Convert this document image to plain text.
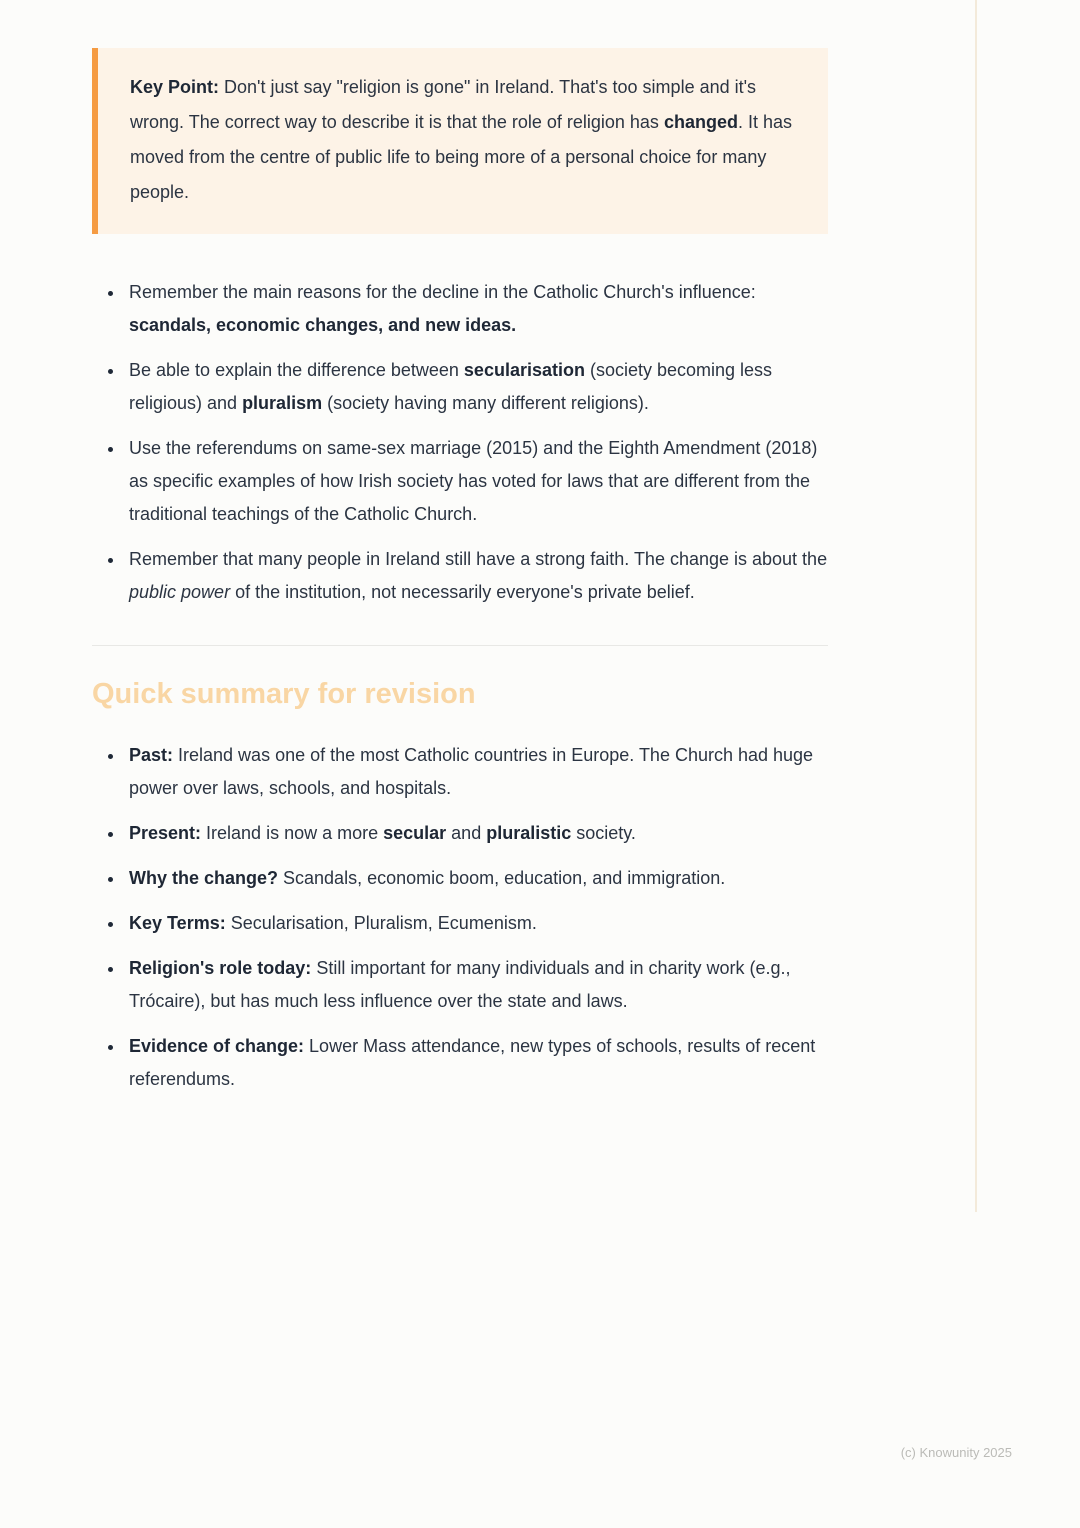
Key Point: Don't just say "religion is gone" in Ireland. That's too simple and it's wrong. The correct way to describe it is that the role of religion has changed. It has moved from the centre of public life to being more of a personal choice for many people.

• Remember the main reasons for the decline in the Catholic Church's influence: scandals, economic changes, and new ideas.
• Be able to explain the difference between secularisation (society becoming less religious) and pluralism (society having many different religions).
• Use the referendums on same-sex marriage (2015) and the Eighth Amendment (2018) as specific examples of how Irish society has voted for laws that are different from the traditional teachings of the Catholic Church.
• Remember that many people in Ireland still have a strong faith. The change is about the public power of the institution, not necessarily everyone's private belief.
Quick summary for revision
• Past: Ireland was one of the most Catholic countries in Europe. The Church had huge power over laws, schools, and hospitals.
• Present: Ireland is now a more secular and pluralistic society.
• Why the change? Scandals, economic boom, education, and immigration.
• Key Terms: Secularisation, Pluralism, Ecumenism.
• Religion's role today: Still important for many individuals and in charity work (e.g., Trócaire), but has much less influence over the state and laws.
• Evidence of change: Lower Mass attendance, new types of schools, results of recent referendums.
(c) Knowunity 2025
